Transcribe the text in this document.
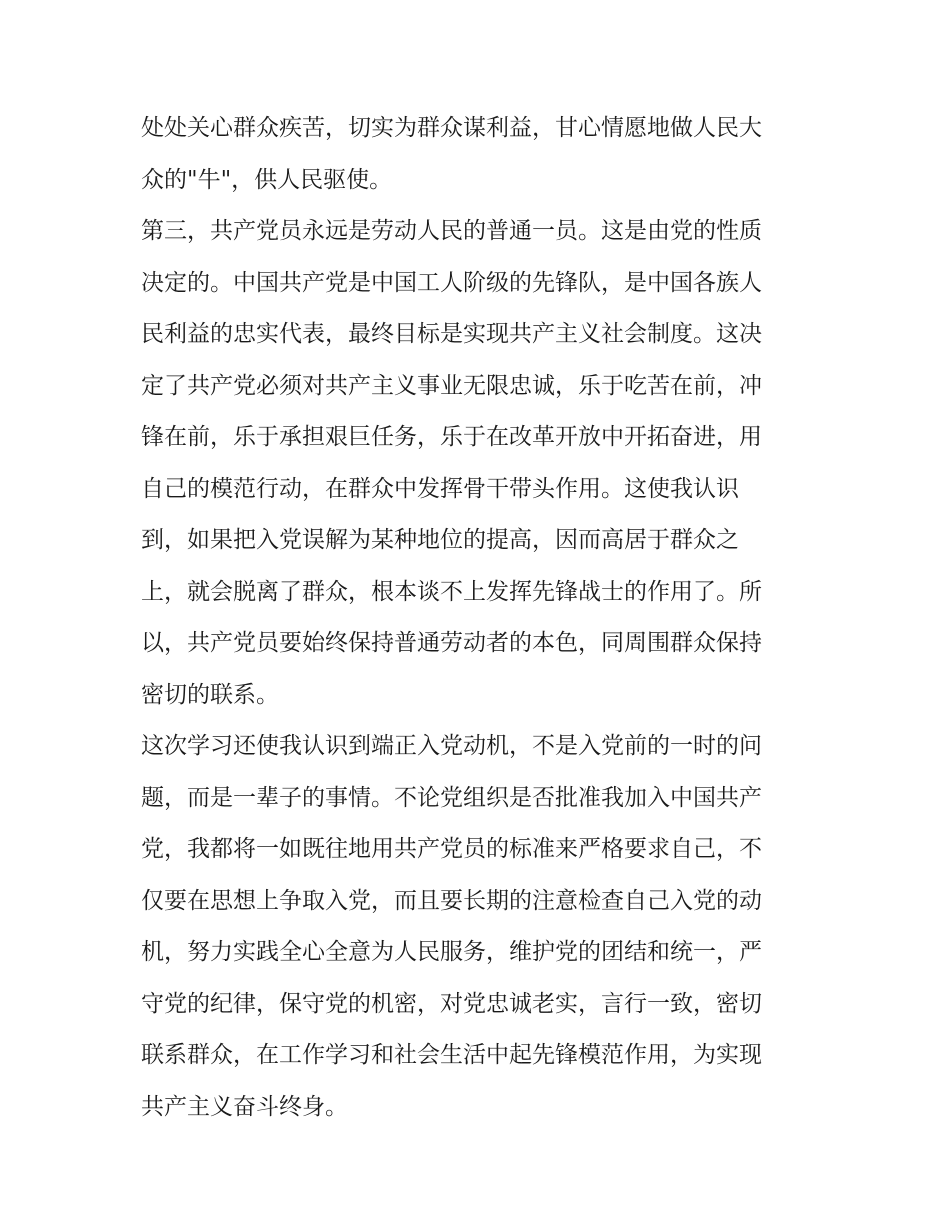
处处关心群众疾苦，切实为群众谋利益，甘心情愿地做人民大
众的"牛"，供人民驱使。
第三，共产党员永远是劳动人民的普通一员。这是由党的性质
决定的。中国共产党是中国工人阶级的先锋队，是中国各族人
民利益的忠实代表，最终目标是实现共产主义社会制度。这决
定了共产党必须对共产主义事业无限忠诚，乐于吃苦在前，冲
锋在前，乐于承担艰巨任务，乐于在改革开放中开拓奋进，用
自己的模范行动，在群众中发挥骨干带头作用。这使我认识
到，如果把入党误解为某种地位的提高，因而高居于群众之
上，就会脱离了群众，根本谈不上发挥先锋战士的作用了。所
以，共产党员要始终保持普通劳动者的本色，同周围群众保持
密切的联系。
这次学习还使我认识到端正入党动机，不是入党前的一时的问
题，而是一辈子的事情。不论党组织是否批准我加入中国共产
党，我都将一如既往地用共产党员的标准来严格要求自己，不
仅要在思想上争取入党，而且要长期的注意检查自己入党的动
机，努力实践全心全意为人民服务，维护党的团结和统一，严
守党的纪律，保守党的机密，对党忠诚老实，言行一致，密切
联系群众，在工作学习和社会生活中起先锋模范作用，为实现
共产主义奋斗终身。
